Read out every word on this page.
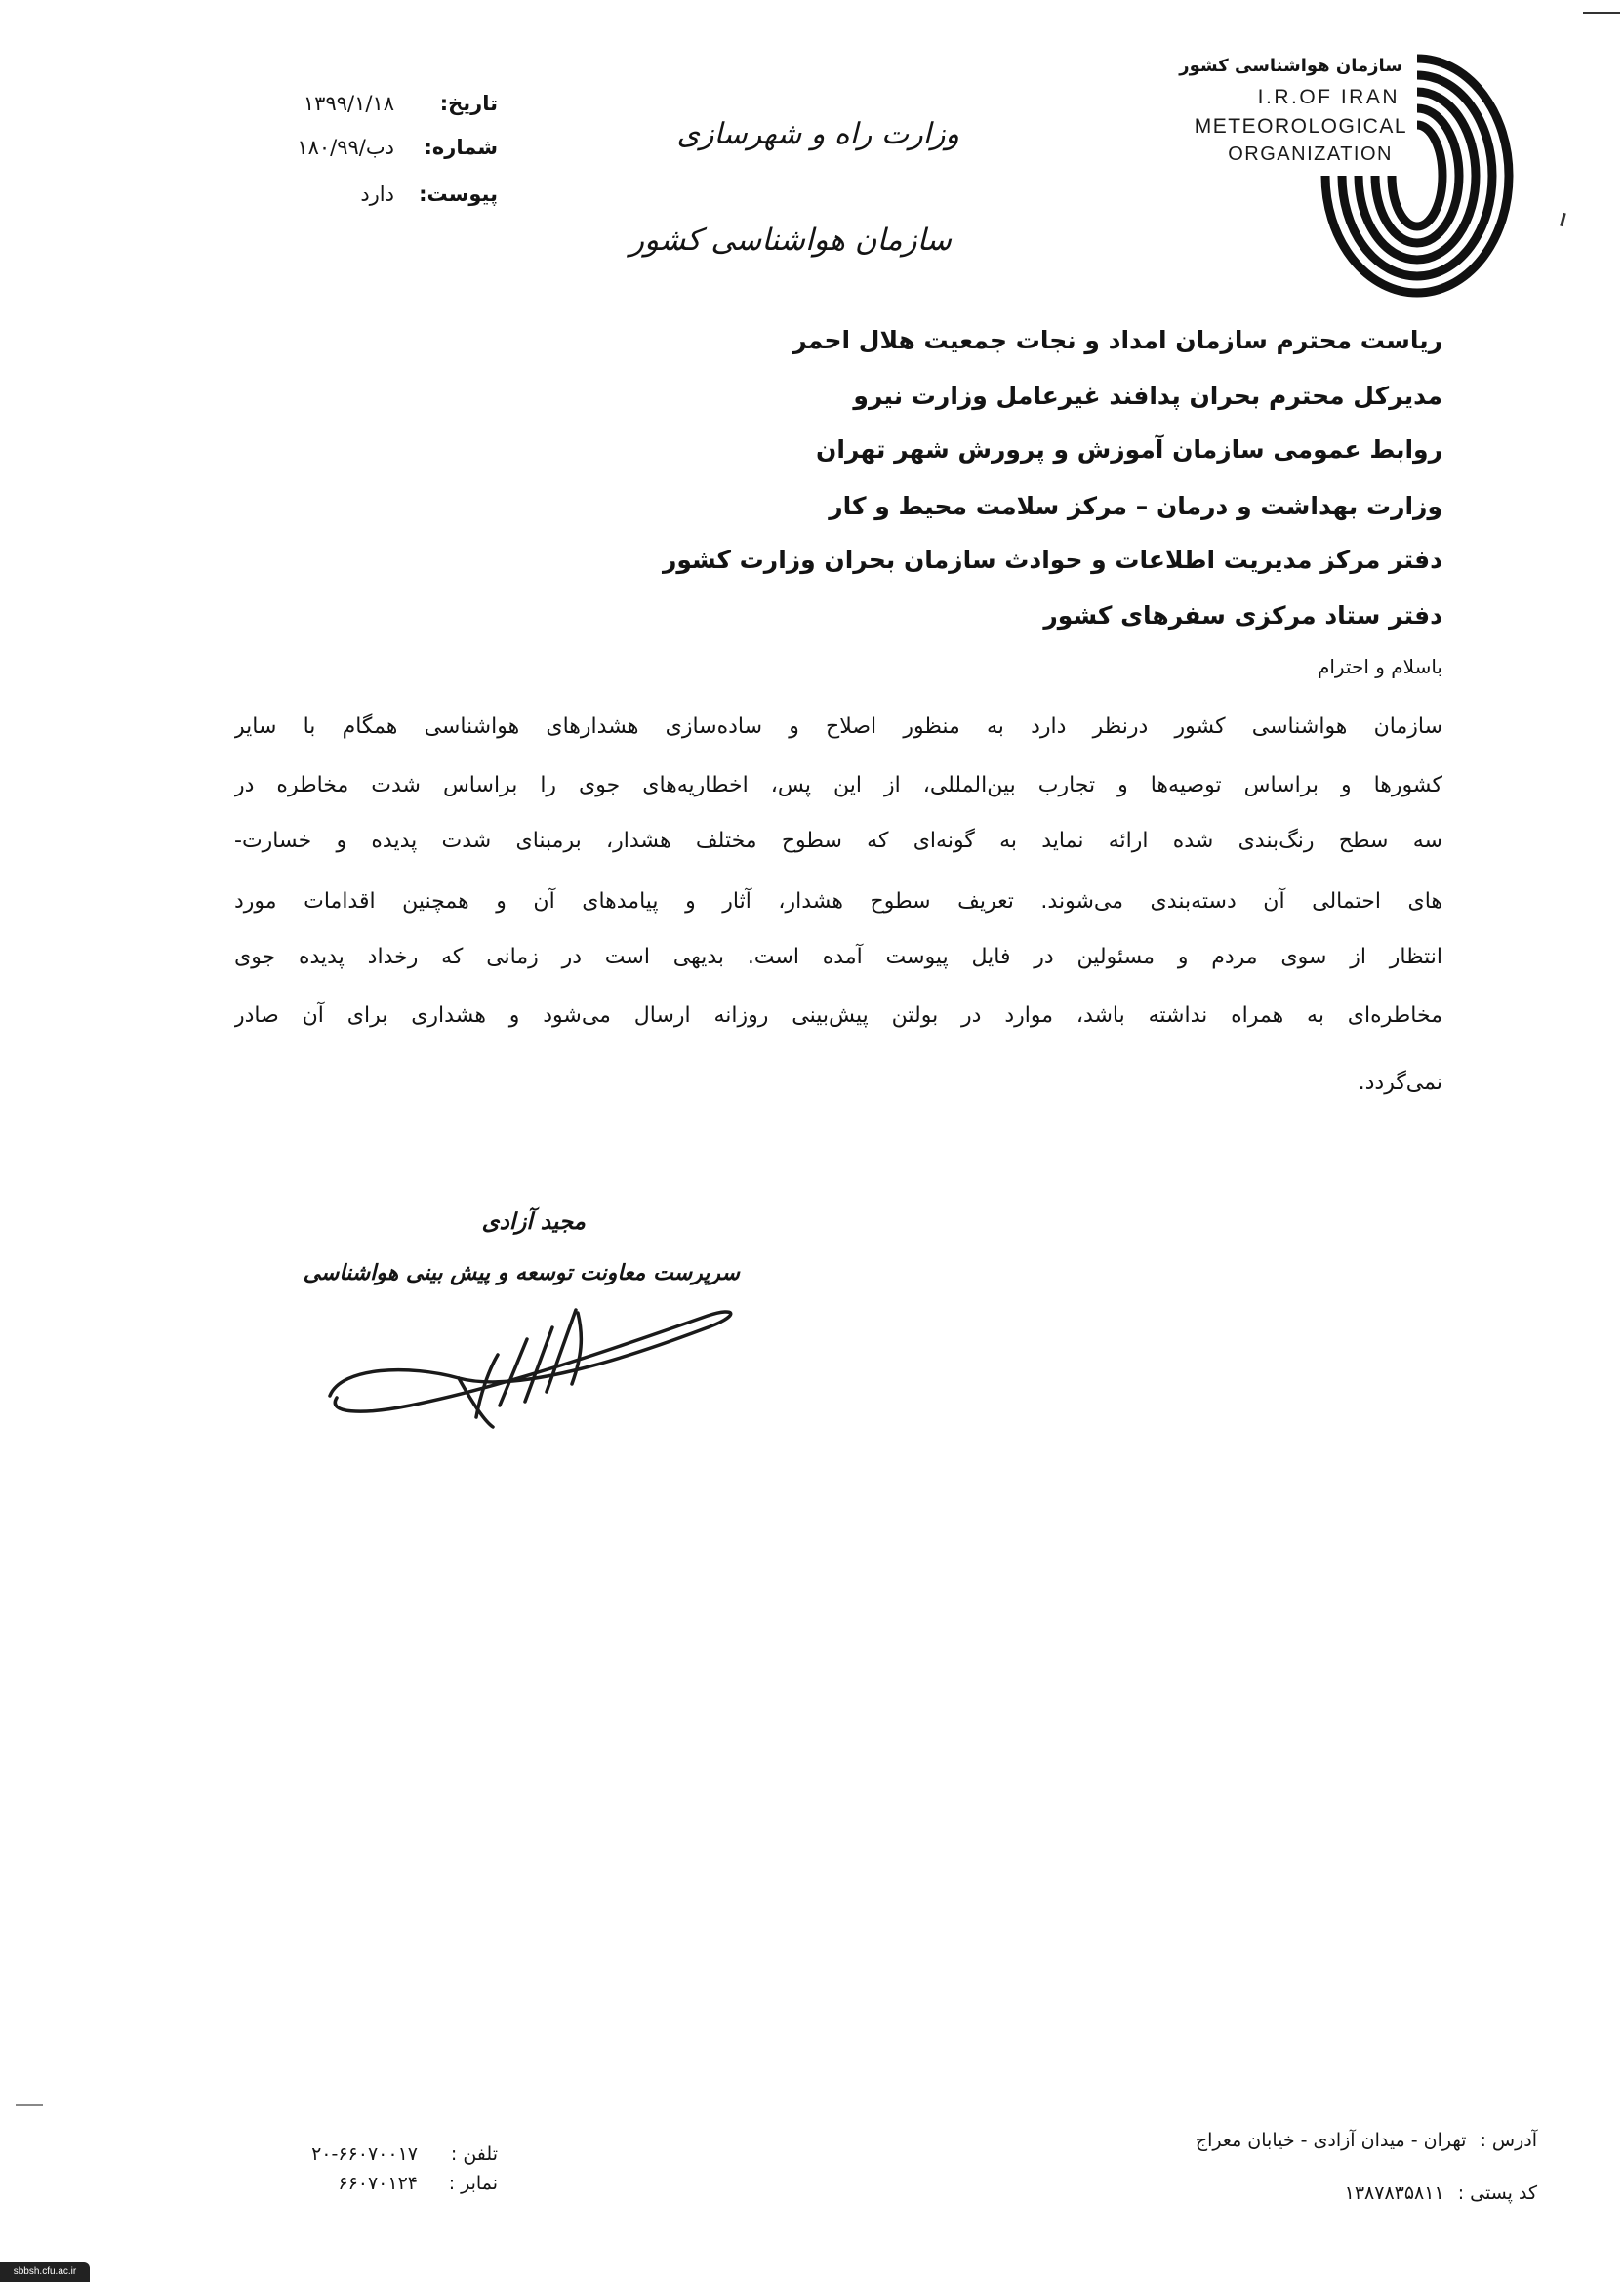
سازمان هواشناسی کشور
I.R.OF IRAN
METEOROLOGICAL
ORGANIZATION
وزارت راه و شهرسازی
سازمان هواشناسی کشور
تاریخ:
۱۳۹۹/۱/۱۸
شماره:
۱۸۰/۹۹/دب
پیوست:
دارد
ریاست محترم سازمان امداد و نجات جمعیت هلال احمر
مدیرکل محترم بحران پدافند غیرعامل وزارت نیرو
روابط عمومی سازمان آموزش و پرورش شهر تهران
وزارت بهداشت و درمان – مرکز سلامت محیط و کار
دفتر مرکز مدیریت اطلاعات و حوادث سازمان بحران وزارت کشور
دفتر ستاد مرکزی سفرهای کشور
باسلام و احترام
سازمان هواشناسی کشور درنظر دارد به منظور اصلاح و ساده‌سازی هشدارهای هواشناسی همگام با سایر
کشورها و براساس توصیه‌ها و تجارب بین‌المللی، از این پس، اخطاریه‌های جوی را براساس شدت مخاطره در
سه سطح رنگ‌بندی شده ارائه نماید به گونه‌ای که سطوح مختلف هشدار، برمبنای شدت پدیده و خسارت-
های احتمالی آن دسته‌بندی می‌شوند. تعریف سطوح هشدار، آثار و پیامدهای آن و همچنین اقدامات مورد
انتظار از سوی مردم و مسئولین در فایل پیوست آمده است. بدیهی است در زمانی که رخداد پدیده جوی
مخاطره‌ای به همراه نداشته باشد، موارد در بولتن پیش‌بینی روزانه ارسال می‌شود و هشداری برای آن صادر
نمی‌گردد.
مجید آزادی
سرپرست معاونت توسعه و پیش بینی هواشناسی
تلفن :
۲۰-۶۶۰۷۰۰۱۷
نمابر :
۶۶۰۷۰۱۲۴
آدرس :
تهران - میدان آزادی - خیابان معراج
کد پستی :
۱۳۸۷۸۳۵۸۱۱
sbbsh.cfu.ac.ir
